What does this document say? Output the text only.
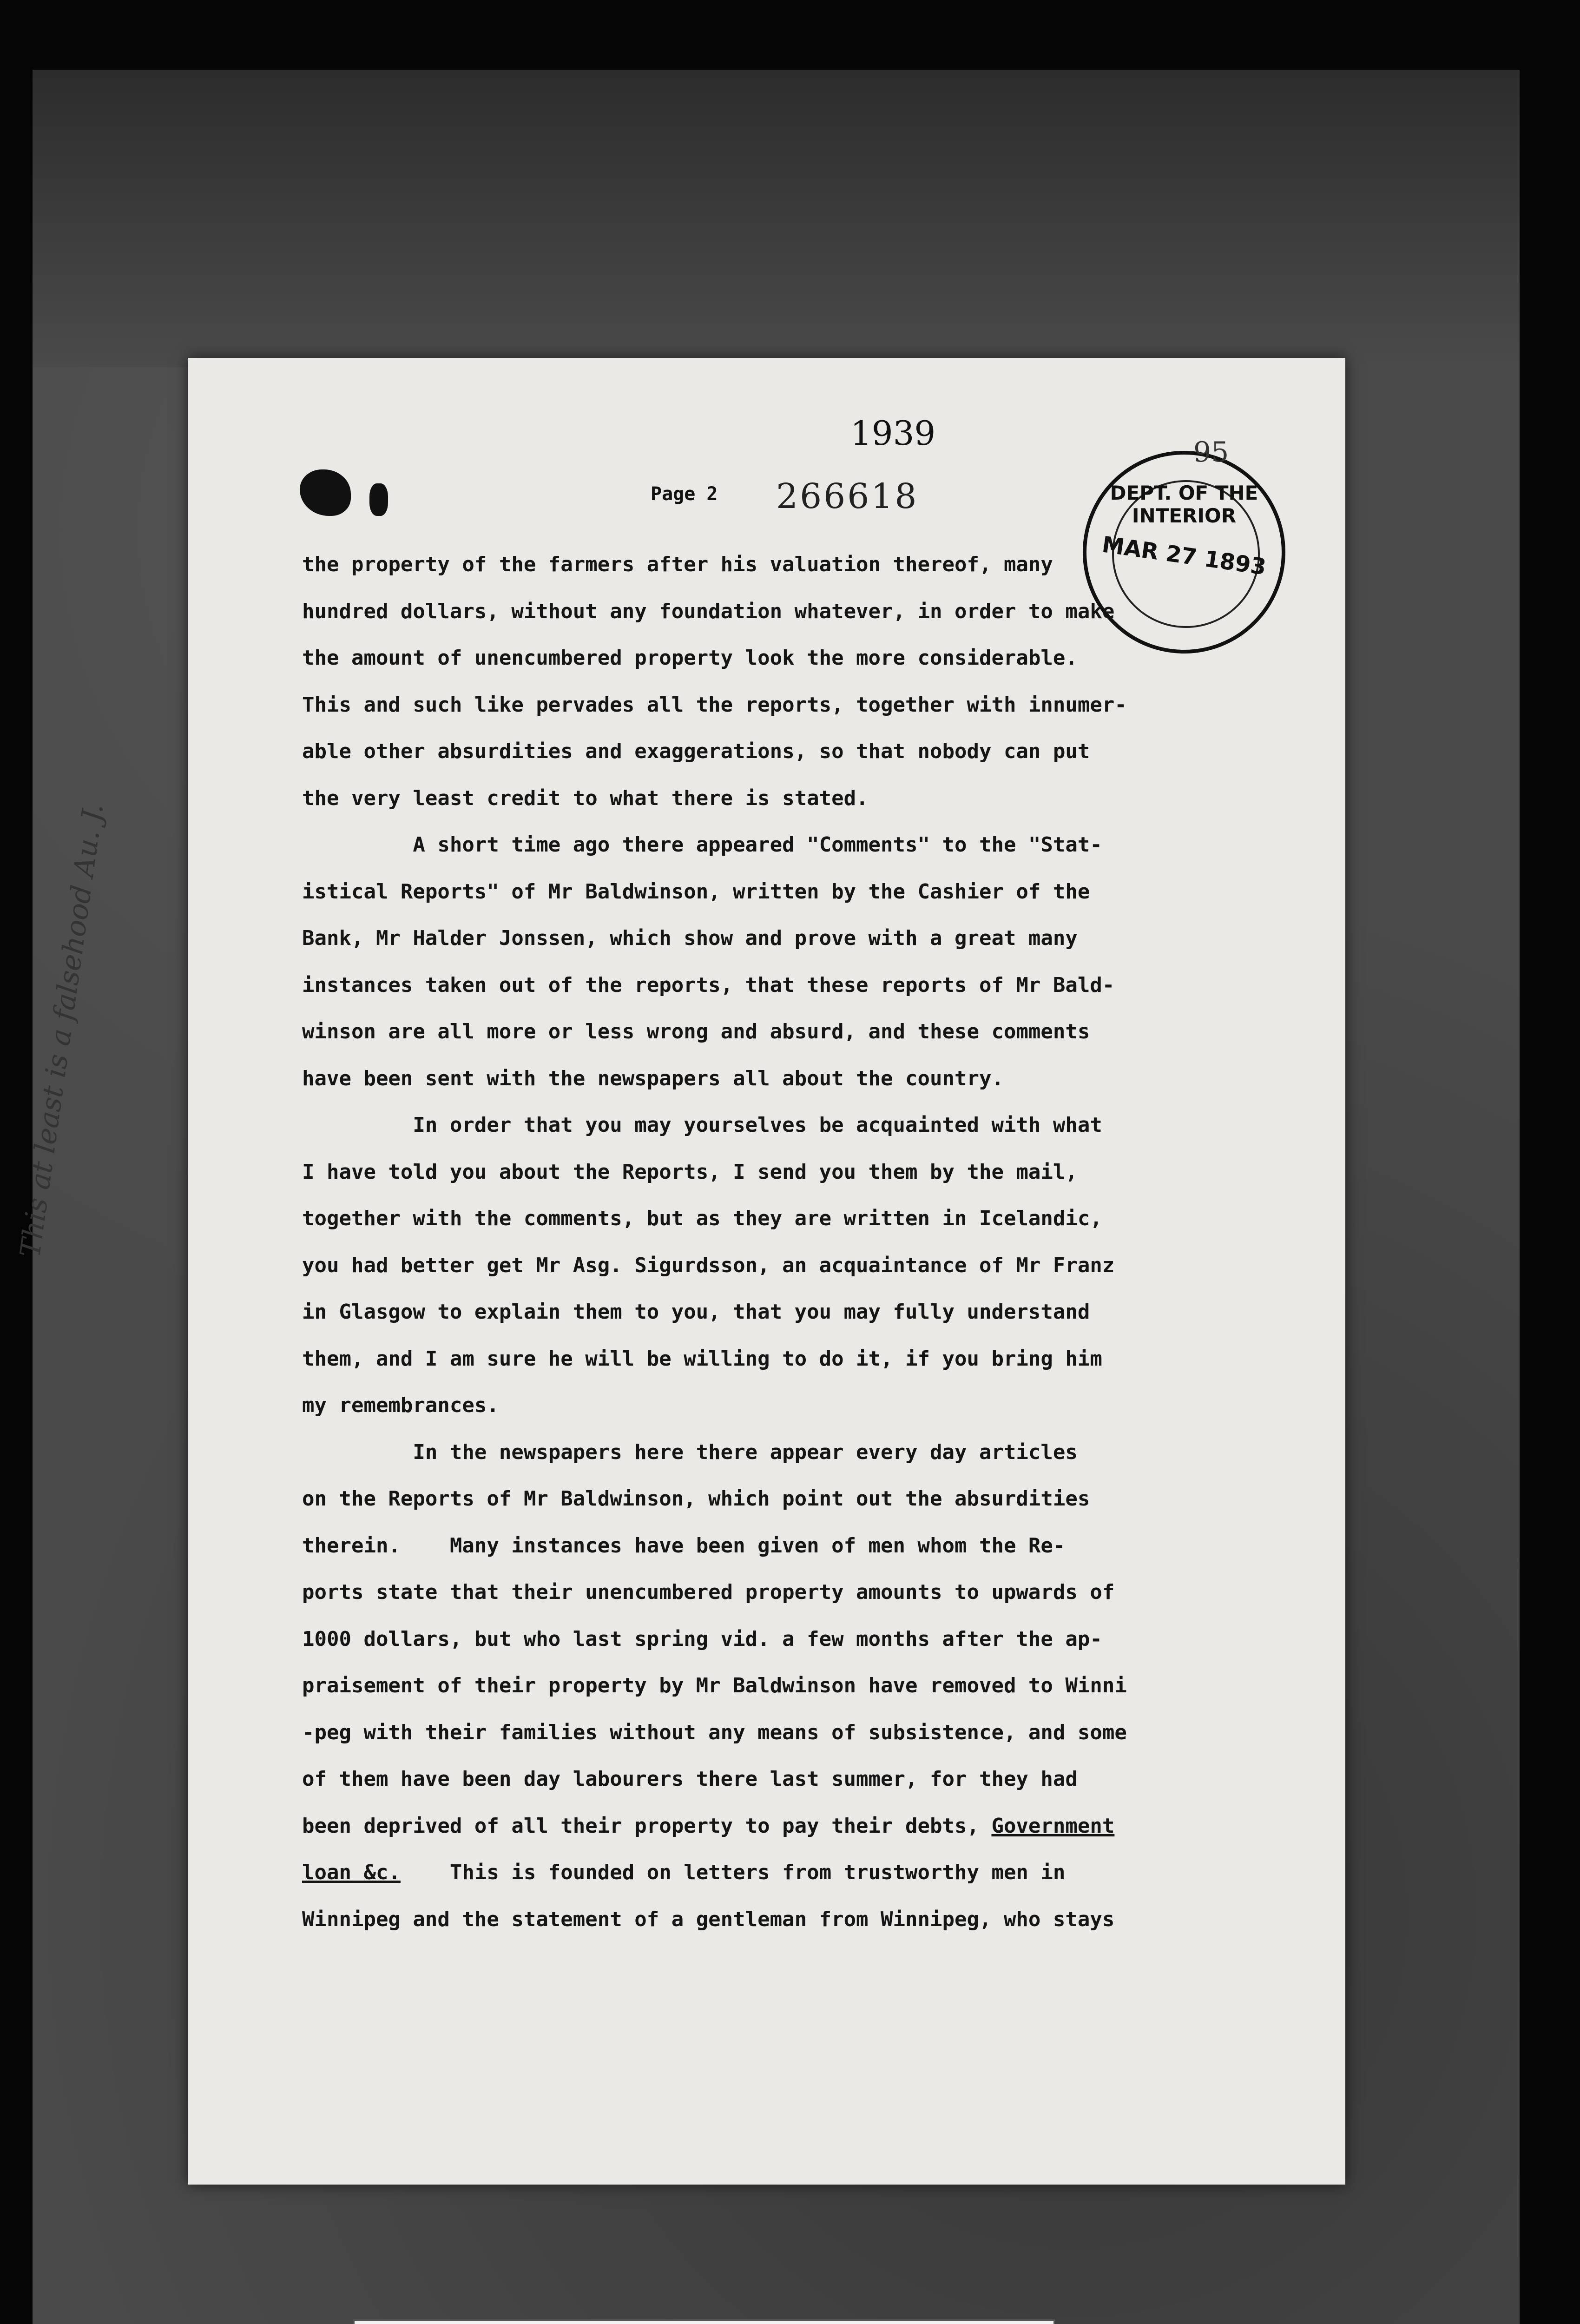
1939
Page 2 266618
95
DEPT. OF THE INTERIOR
MAR 27 1893

the property of the farmers after his valuation thereof, many

hundred dollars, without any foundation whatever, in order to make

the amount of unencumbered property look the more considerable.

This and such like pervades all the reports, together with innumer-

able other absurdities and exaggerations, so that nobody can put

the very least credit to what there is stated.

A short time ago there appeared "Comments" to the "Stat-

istical Reports" of Mr Baldwinson, written by the Cashier of the

Bank, Mr Halder Jonssen, which show and prove with a great many

instances taken out of the reports, that these reports of Mr Bald-

winson are all more or less wrong and absurd, and these comments

have been sent with the newspapers all about the country.

In order that you may yourselves be acquainted with what

I have told you about the Reports, I send you them by the mail,

together with the comments, but as they are written in Icelandic,

you had better get Mr Asg. Sigurdsson, an acquaintance of Mr Franz

in Glasgow to explain them to you, that you may fully understand

them, and I am sure he will be willing to do it, if you bring him

my remembrances.

In the newspapers here there appear every day articles

on the Reports of Mr Baldwinson, which point out the absurdities

therein.    Many instances have been given of men whom the Re-

ports state that their unencumbered property amounts to upwards of

1000 dollars, but who last spring vid. a few months after the ap-

praisement of their property by Mr Baldwinson have removed to Winni

-peg with their families without any means of subsistence, and some

of them have been day labourers there last summer, for they had

been deprived of all their property to pay their debts, Government

loan &c.    This is founded on letters from trustworthy men in

Winnipeg and the statement of a gentleman from Winnipeg, who stays

This at least is a falsehood Au. J.
